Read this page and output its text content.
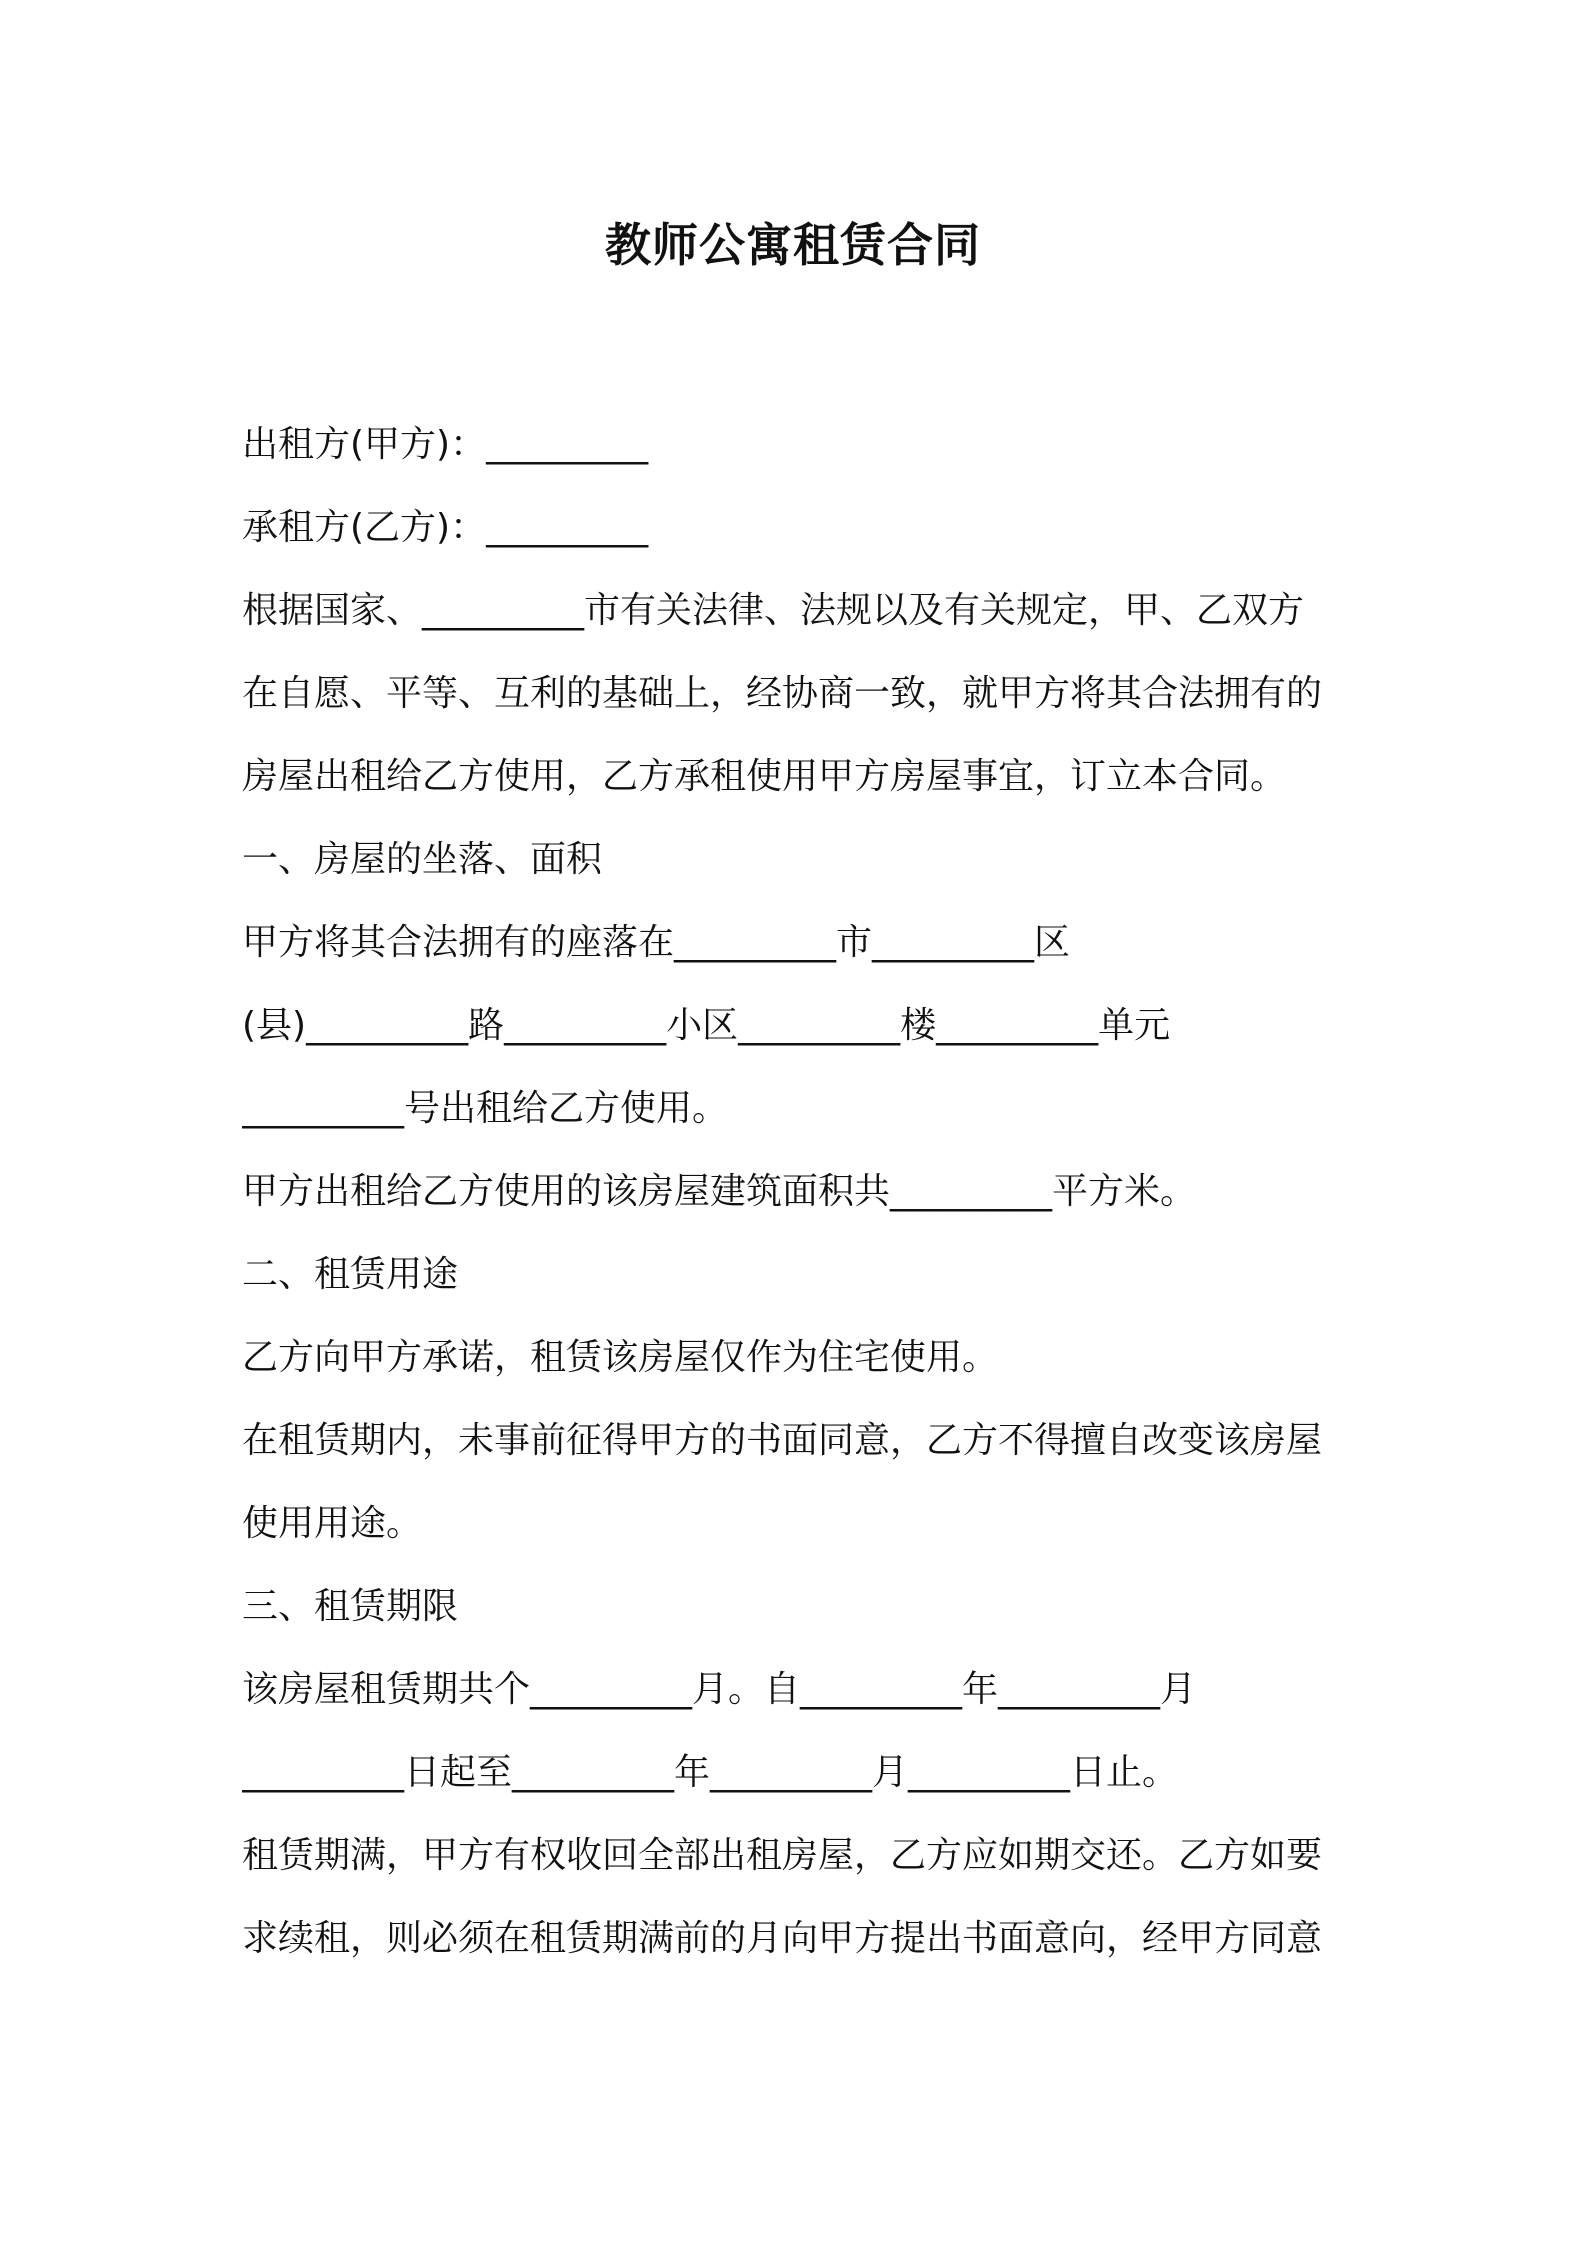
教师公寓租赁合同
出租方(甲方)：_________
承租方(乙方)：_________
根据国家、_________市有关法律、法规以及有关规定，甲、乙双方
在自愿、平等、互利的基础上，经协商一致，就甲方将其合法拥有的
房屋出租给乙方使用，乙方承租使用甲方房屋事宜，订立本合同。
一、房屋的坐落、面积
甲方将其合法拥有的座落在_________市_________区
(县)_________路_________小区_________楼_________单元
_________号出租给乙方使用。
甲方出租给乙方使用的该房屋建筑面积共_________平方米。
二、租赁用途
乙方向甲方承诺，租赁该房屋仅作为住宅使用。
在租赁期内，未事前征得甲方的书面同意，乙方不得擅自改变该房屋
使用用途。
三、租赁期限
该房屋租赁期共个_________月。自_________年_________月
_________日起至_________年_________月_________日止。
租赁期满，甲方有权收回全部出租房屋，乙方应如期交还。乙方如要
求续租，则必须在租赁期满前的月向甲方提出书面意向，经甲方同意
